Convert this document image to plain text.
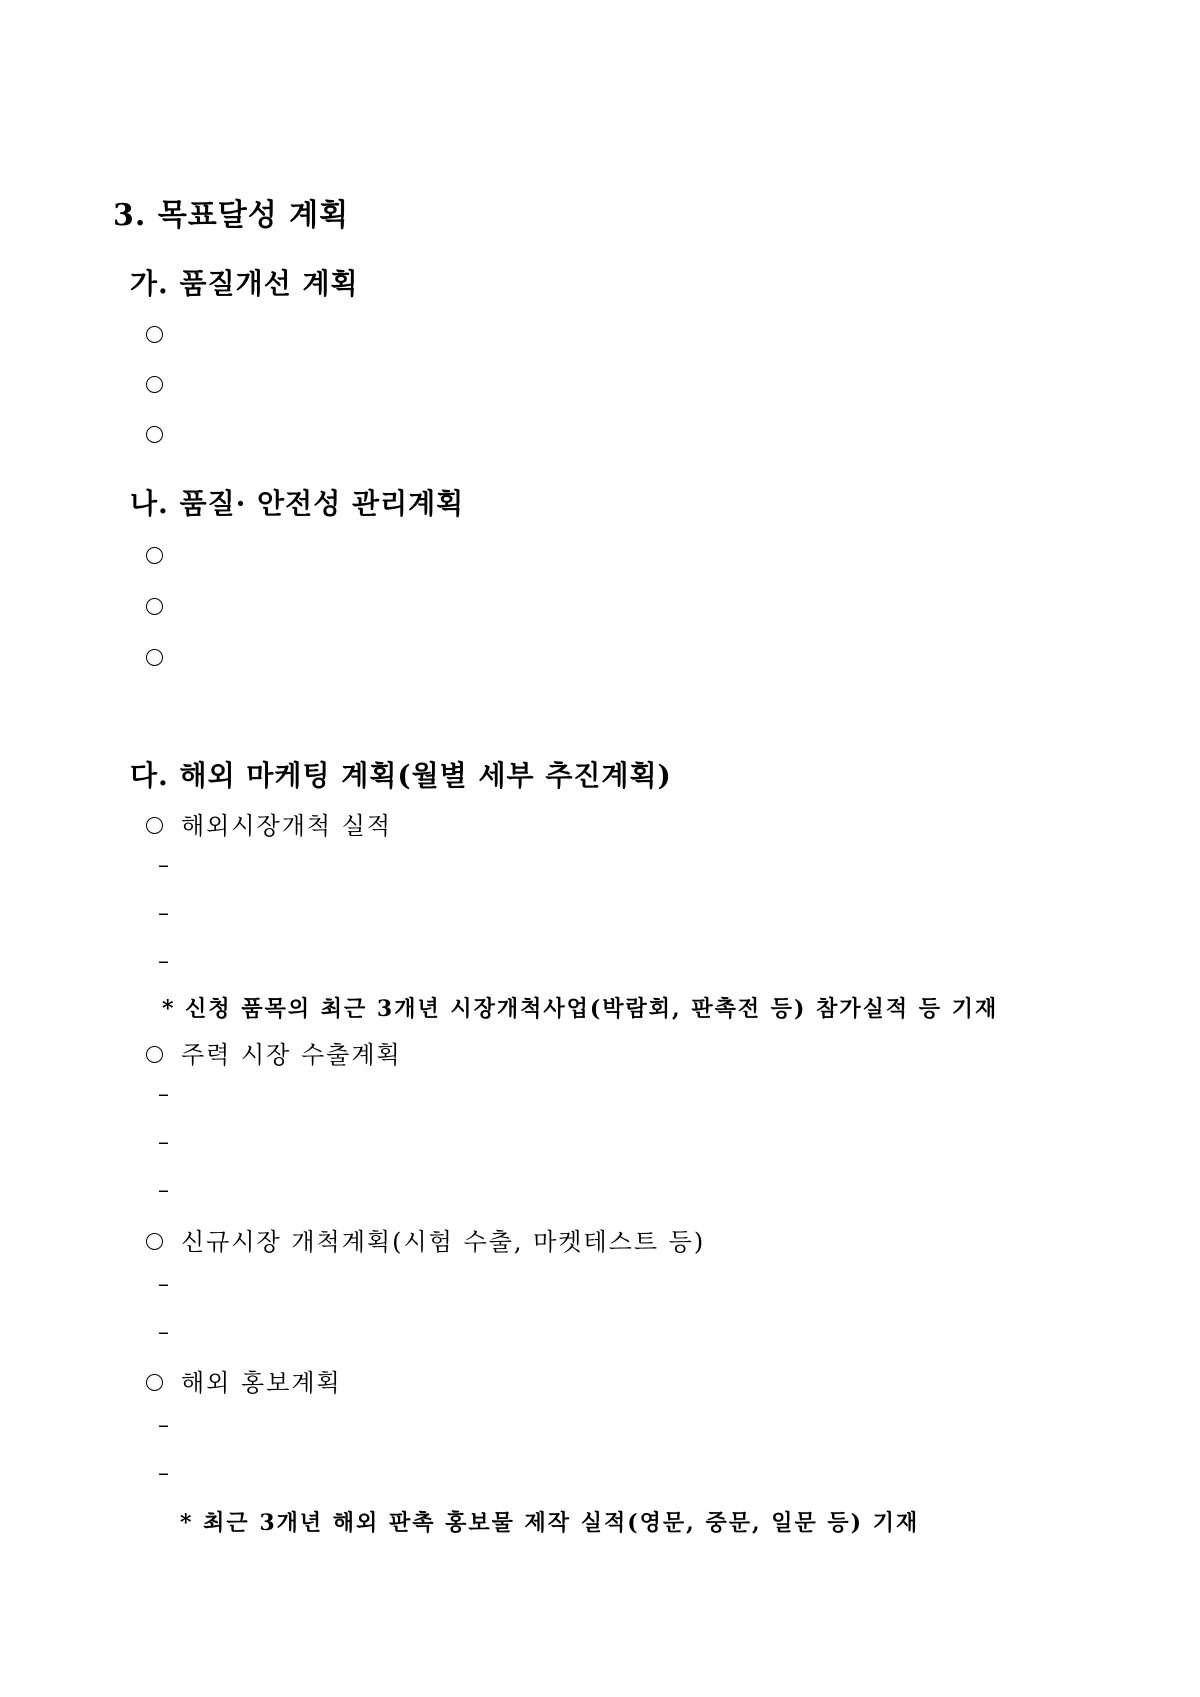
3. 목표달성 계획
가. 품질개선 계획
나. 품질· 안전성 관리계획
다. 해외 마케팅 계획(월별 세부 추진계획)
해외시장개척 실적
–
–
–
* 신청 품목의 최근 3개년 시장개척사업(박람회, 판촉전 등) 참가실적 등 기재
주력 시장 수출계획
–
–
–
신규시장 개척계획(시험 수출, 마켓테스트 등)
–
–
해외 홍보계획
–
–
* 최근 3개년 해외 판촉 홍보물 제작 실적(영문, 중문, 일문 등) 기재
